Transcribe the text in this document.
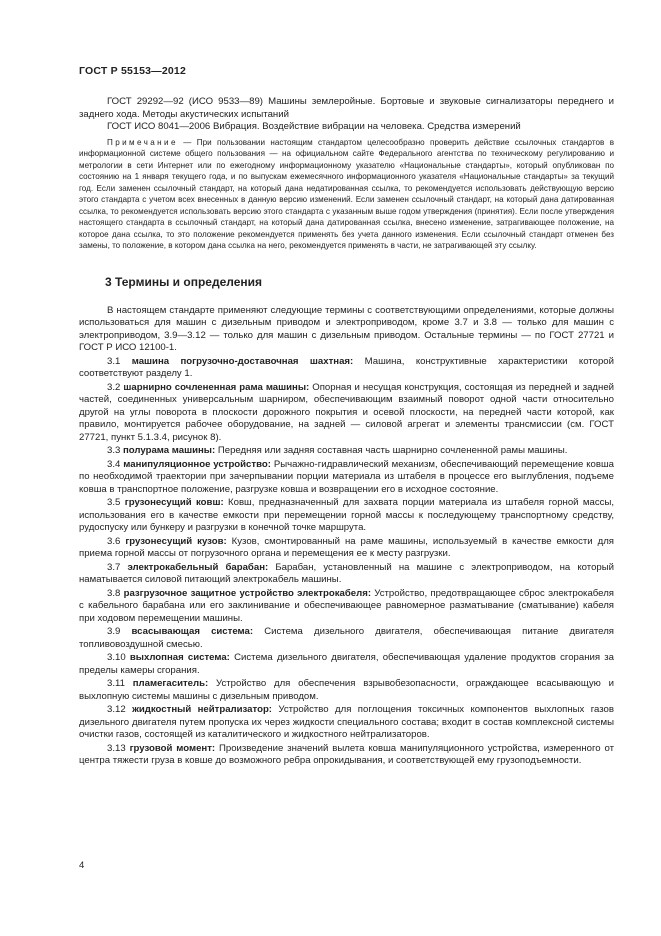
ГОСТ Р 55153—2012

ГОСТ 29292—92 (ИСО 9533—89) Машины землеройные. Бортовые и звуковые сигнализаторы переднего и заднего хода. Методы акустических испытаний

ГОСТ ИСО 8041—2006 Вибрация. Воздействие вибрации на человека. Средства измерений

Примечание — При пользовании настоящим стандартом целесообразно проверить действие ссылочных стандартов в информационной системе общего пользования — на официальном сайте Федерального агентства по техническому регулированию и метрологии в сети Интернет или по ежегодному информационному указателю «Национальные стандарты», который опубликован по состоянию на 1 января текущего года, и по выпускам ежемесячного информационного указателя «Национальные стандарты» за текущий год. Если заменен ссылочный стандарт, на который дана недатированная ссылка, то рекомендуется использовать действующую версию этого стандарта с учетом всех внесенных в данную версию изменений. Если заменен ссылочный стандарт, на который дана датированная ссылка, то рекомендуется использовать версию этого стандарта с указанным выше годом утверждения (принятия). Если после утверждения настоящего стандарта в ссылочный стандарт, на который дана датированная ссылка, внесено изменение, затрагивающее положение, на которое дана ссылка, то это положение рекомендуется применять без учета данного изменения. Если ссылочный стандарт отменен без замены, то положение, в котором дана ссылка на него, рекомендуется применять в части, не затрагивающей эту ссылку.

3 Термины и определения

В настоящем стандарте применяют следующие термины с соответствующими определениями, которые должны использоваться для машин с дизельным приводом и электроприводом, кроме 3.7 и 3.8 — только для машин с электроприводом, 3.9—3.12 — только для машин с дизельным приводом. Остальные термины — по ГОСТ 27721 и ГОСТ Р ИСО 12100-1.

3.1 машина погрузочно-доставочная шахтная: Машина, конструктивные характеристики которой соответствуют разделу 1.

3.2 шарнирно сочлененная рама машины: Опорная и несущая конструкция, состоящая из передней и задней частей, соединенных универсальным шарниром, обеспечивающим взаимный поворот одной части относительно другой на углы поворота в плоскости дорожного покрытия и осевой плоскости, на передней части которой, как правило, монтируется рабочее оборудование, на задней — силовой агрегат и элементы трансмиссии (см. ГОСТ 27721, пункт 5.1.3.4, рисунок 8).

3.3 полурама машины: Передняя или задняя составная часть шарнирно сочлененной рамы машины.

3.4 манипуляционное устройство: Рычажно-гидравлический механизм, обеспечивающий перемещение ковша по необходимой траектории при зачерпывании порции материала из штабеля в процессе его выглубления, подъеме ковша в транспортное положение, разгрузке ковша и возвращении его в исходное состояние.

3.5 грузонесущий ковш: Ковш, предназначенный для захвата порции материала из штабеля горной массы, использования его в качестве емкости при перемещении горной массы к последующему транспортному средству, рудоспуску или бункеру и разгрузки в конечной точке маршрута.

3.6 грузонесущий кузов: Кузов, смонтированный на раме машины, используемый в качестве емкости для приема горной массы от погрузочного органа и перемещения ее к месту разгрузки.

3.7 электрокабельный барабан: Барабан, установленный на машине с электроприводом, на который наматывается силовой питающий электрокабель машины.

3.8 разгрузочное защитное устройство электрокабеля: Устройство, предотвращающее сброс электрокабеля с кабельного барабана или его заклинивание и обеспечивающее равномерное разматывание (сматывание) кабеля при ходовом перемещении машины.

3.9 всасывающая система: Система дизельного двигателя, обеспечивающая питание двигателя топливовоздушной смесью.

3.10 выхлопная система: Система дизельного двигателя, обеспечивающая удаление продуктов сгорания за пределы камеры сгорания.

3.11 пламегаситель: Устройство для обеспечения взрывобезопасности, ограждающее всасывающую и выхлопную системы машины с дизельным приводом.

3.12 жидкостный нейтрализатор: Устройство для поглощения токсичных компонентов выхлопных газов дизельного двигателя путем пропуска их через жидкости специального состава; входит в состав комплексной системы очистки газов, состоящей из каталитического и жидкостного нейтрализаторов.

3.13 грузовой момент: Произведение значений вылета ковша манипуляционного устройства, измеренного от центра тяжести груза в ковше до возможного ребра опрокидывания, и соответствующей ему грузоподъемности.

4
